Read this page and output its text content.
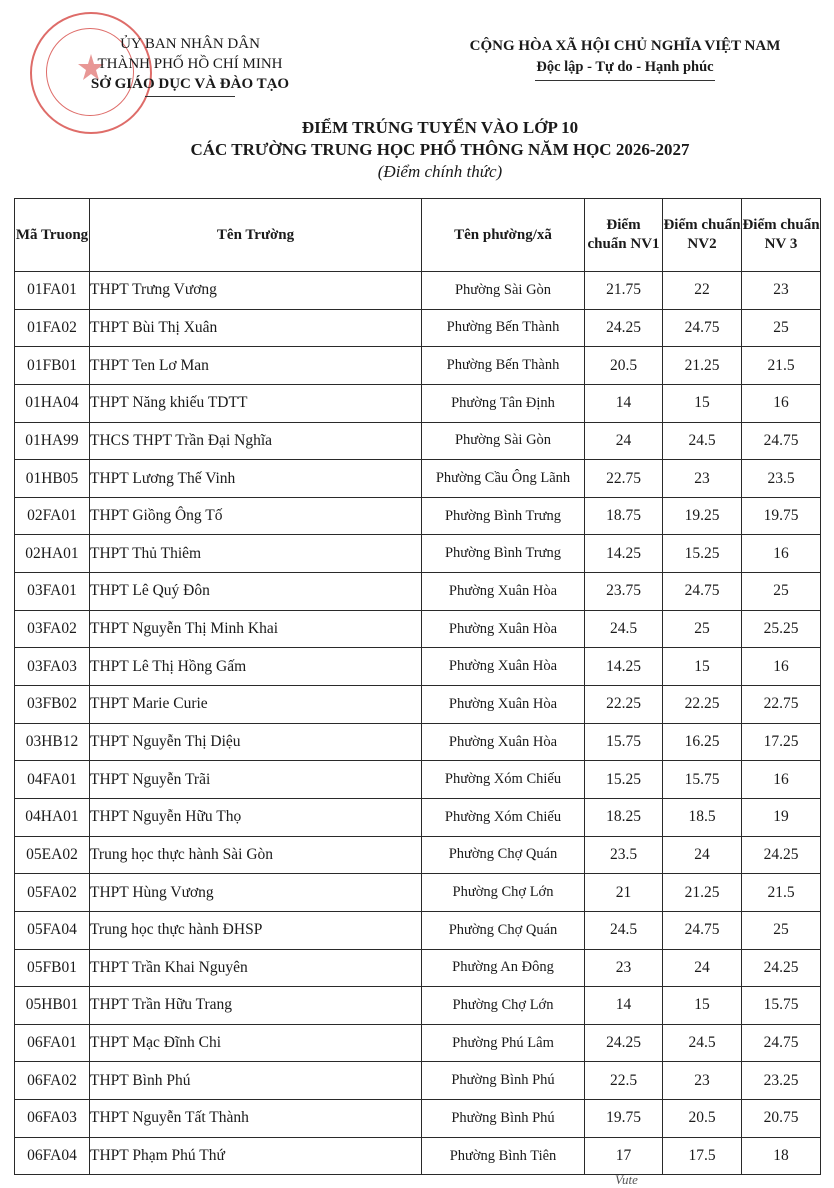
ỦY BAN NHÂN DÂN
THÀNH PHỐ HỒ CHÍ MINH
SỞ GIÁO DỤC VÀ ĐÀO TẠO
CỘNG HÒA XÃ HỘI CHỦ NGHĨA VIỆT NAM
Độc lập - Tự do - Hạnh phúc
ĐIỂM TRÚNG TUYỂN VÀO LỚP 10
CÁC TRƯỜNG TRUNG HỌC PHỔ THÔNG NĂM HỌC 2026-2027
(Điểm chính thức)
Mã Truong	Tên Trường	Tên phường/xã	Điểm chuẩn NV1	Điểm chuẩn NV2	Điểm chuẩn NV 3
01FA01	THPT Trưng Vương	Phường Sài Gòn	21.75	22	23
01FA02	THPT Bùi Thị Xuân	Phường Bến Thành	24.25	24.75	25
01FB01	THPT Ten Lơ Man	Phường Bến Thành	20.5	21.25	21.5
01HA04	THPT Năng khiếu TDTT	Phường Tân Định	14	15	16
01HA99	THCS THPT Trần Đại Nghĩa	Phường Sài Gòn	24	24.5	24.75
01HB05	THPT Lương Thế Vinh	Phường Cầu Ông Lãnh	22.75	23	23.5
02FA01	THPT Giồng Ông Tố	Phường Bình Trưng	18.75	19.25	19.75
02HA01	THPT Thủ Thiêm	Phường Bình Trưng	14.25	15.25	16
03FA01	THPT Lê Quý Đôn	Phường Xuân Hòa	23.75	24.75	25
03FA02	THPT Nguyễn Thị Minh Khai	Phường Xuân Hòa	24.5	25	25.25
03FA03	THPT Lê Thị Hồng Gấm	Phường Xuân Hòa	14.25	15	16
03FB02	THPT Marie Curie	Phường Xuân Hòa	22.25	22.25	22.75
03HB12	THPT Nguyễn Thị Diệu	Phường Xuân Hòa	15.75	16.25	17.25
04FA01	THPT Nguyễn Trãi	Phường Xóm Chiếu	15.25	15.75	16
04HA01	THPT Nguyễn Hữu Thọ	Phường Xóm Chiếu	18.25	18.5	19
05EA02	Trung học thực hành Sài Gòn	Phường Chợ Quán	23.5	24	24.25
05FA02	THPT Hùng Vương	Phường Chợ Lớn	21	21.25	21.5
05FA04	Trung học thực hành ĐHSP	Phường Chợ Quán	24.5	24.75	25
05FB01	THPT Trần Khai Nguyên	Phường An Đông	23	24	24.25
05HB01	THPT Trần Hữu Trang	Phường Chợ Lớn	14	15	15.75
06FA01	THPT Mạc Đĩnh Chi	Phường Phú Lâm	24.25	24.5	24.75
06FA02	THPT Bình Phú	Phường Bình Phú	22.5	23	23.25
06FA03	THPT Nguyễn Tất Thành	Phường Bình Phú	19.75	20.5	20.75
06FA04	THPT Phạm Phú Thứ	Phường Bình Tiên	17	17.5	18
Vute
